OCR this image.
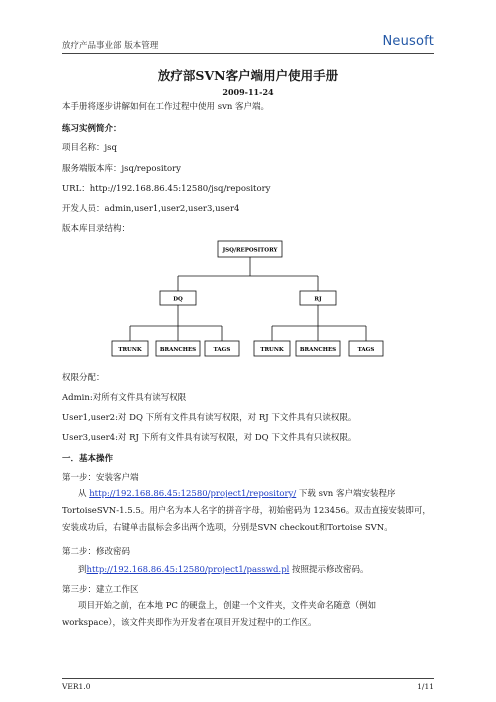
放疗产品事业部 版本管理	Neusoft
放疗部SVN客户端用户使用手册
2009-11-24
本手册将逐步讲解如何在工作过程中使用 svn 客户端。
练习实例简介：
项目名称：jsq
服务端版本库：jsq/repository
URL：http://192.168.86.45:12580/jsq/repository
开发人员：admin,user1,user2,user3,user4
版本库目录结构：
JSQ/REPOSITORY
DQ	RJ
TRUNK	BRANCHES	TAGS	TRUNK	BRANCHES	TAGS
权限分配：
Admin:对所有文件具有读写权限
User1,user2:对 DQ 下所有文件具有读写权限，对 RJ 下文件具有只读权限。
User3,user4:对 RJ 下所有文件具有读写权限，对 DQ 下文件具有只读权限。
一．基本操作
第一步：安装客户端
从 http://192.168.86.45:12580/project1/repository/ 下载 svn 客户端安装程序 TortoiseSVN-1.5.5。用户名为本人名字的拼音字母，初始密码为 123456。双击直接安装即可，安装成功后，右键单击鼠标会多出两个选项，分别是SVN checkout和Tortoise SVN。
第二步：修改密码
到http://192.168.86.45:12580/project1/passwd.pl 按照提示修改密码。
第三步：建立工作区
项目开始之前，在本地 PC 的硬盘上，创建一个文件夹，文件夹命名随意（例如 workspace），该文件夹即作为开发者在项目开发过程中的工作区。
VER1.0	1/11
